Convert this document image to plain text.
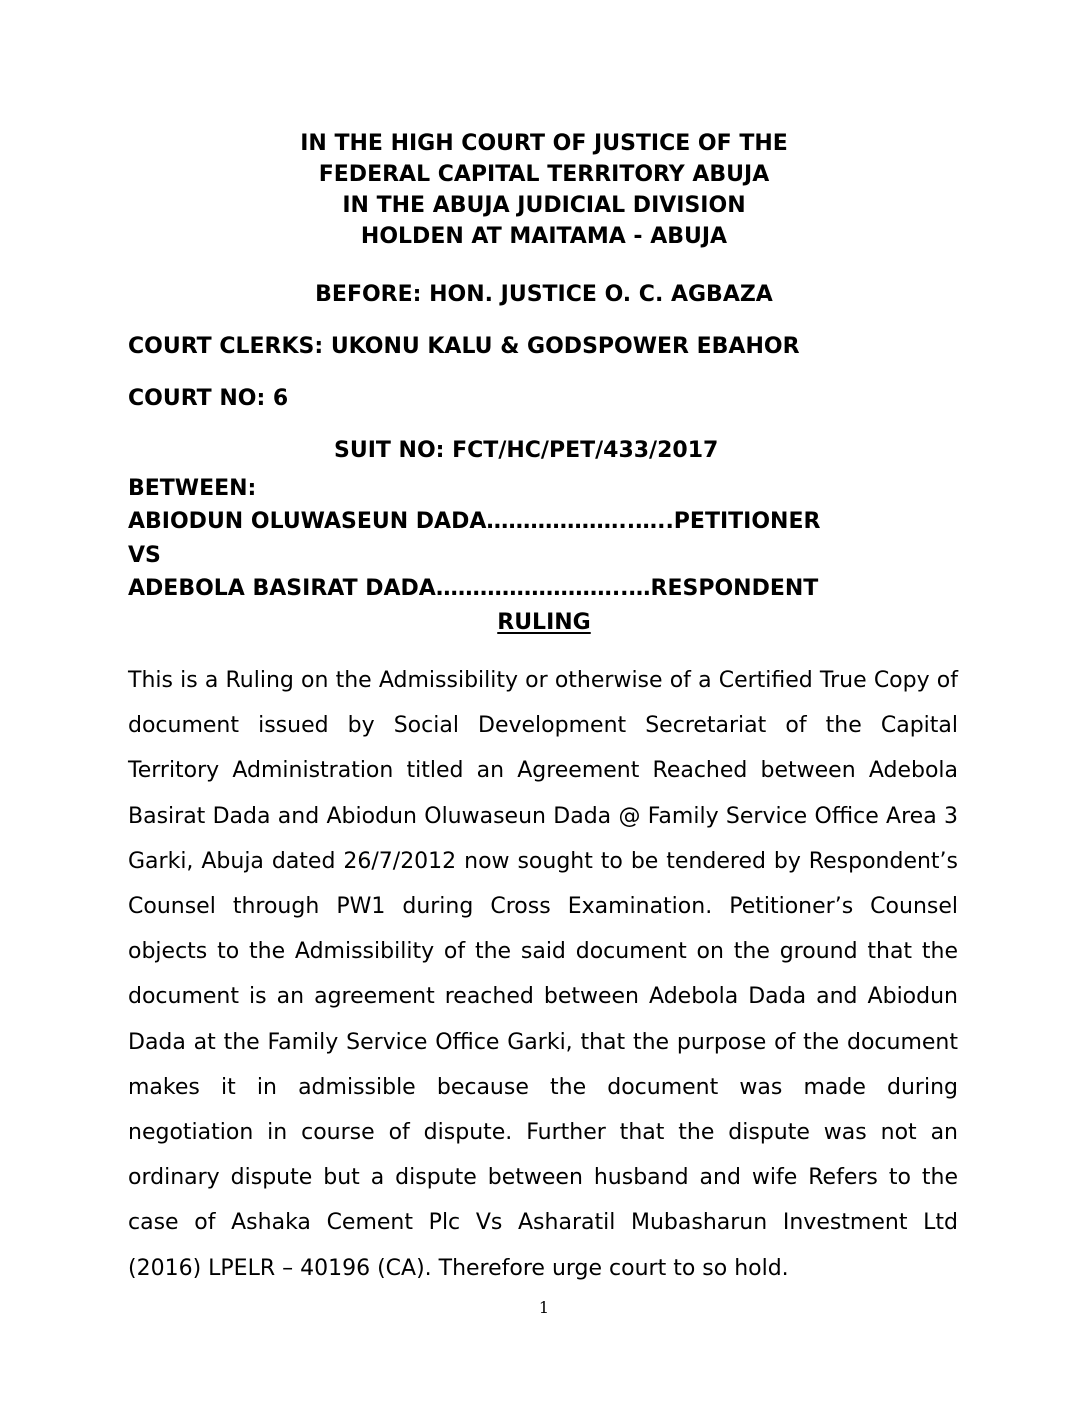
IN THE HIGH COURT OF JUSTICE OF THE
FEDERAL CAPITAL TERRITORY ABUJA
IN THE ABUJA JUDICIAL DIVISION
HOLDEN AT MAITAMA - ABUJA
BEFORE: HON. JUSTICE O. C. AGBAZA
COURT CLERKS: UKONU KALU & GODSPOWER EBAHOR
COURT NO: 6
SUIT NO: FCT/HC/PET/433/2017
BETWEEN:
ABIODUN OLUWASEUN DADA………………..…..PETITIONER
VS
ADEBOLA BASIRAT DADA……………………..…RESPONDENT
RULING
This is a Ruling on the Admissibility or otherwise of a Certified True Copy of document issued by Social Development Secretariat of the Capital Territory Administration titled an Agreement Reached between Adebola Basirat Dada and Abiodun Oluwaseun Dada @ Family Service Office Area 3 Garki, Abuja dated 26/7/2012 now sought to be tendered by Respondent’s Counsel through PW1 during Cross Examination. Petitioner’s Counsel objects to the Admissibility of the said document on the ground that the document is an agreement reached between Adebola Dada and Abiodun Dada at the Family Service Office Garki, that the purpose of the document makes it in admissible because the document was made during negotiation in course of dispute. Further that the dispute was not an ordinary dispute but a dispute between husband and wife Refers to the case of Ashaka Cement Plc Vs Asharatil Mubasharun Investment Ltd (2016) LPELR – 40196 (CA). Therefore urge court to so hold.
1
